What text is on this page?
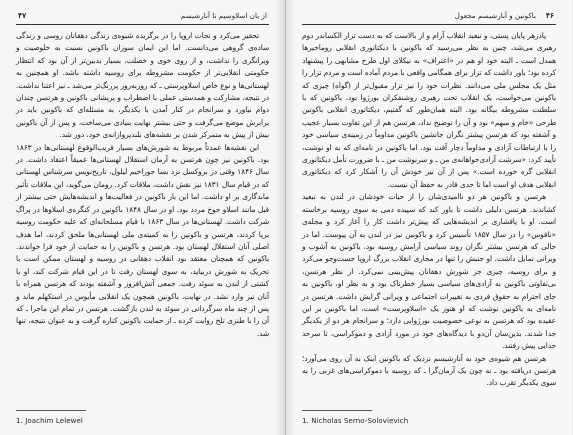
۴۷	از یان اسلاوسیم تا آنارشیسم

تحقیر می‌کرد و نجات اروپا را در برگزیده شیوه‌ی زندگی دهقانان روسی و زندگی ساده‌ی گروهی می‌دانست. اما این ایمان سوزان باکونین نسبت به خلوصیت و ویرانگری را نداشت، و از روی خوی و خصلت، بسیار بدبین‌تر از آن بود که انتظار حکومتی انقلابی‌تر از حکومت مشروطه برای روسیه داشته باشد. او همچنین به لهستانی‌ها و نوع خاص اسلاوپرستی ـ که روزبه‌روز پررنگ‌تر می‌شد ـ نیز اعتنا نداشت. در نتیجه، مشارکت و همدستی عملی با اضطراب و پریشانی باکونین و هرتسن چندان دوام نیاورد و سرانجام در کنار آمدن با یکدیگر، به مسئله‌ای که باکونین باید در برابرش موضع می‌گرفت و حتی بیشتر نهایت بنیادی می‌ساخت، و پس از آن باکونین بیش از پیش به متمرکز شدن بر نقشه‌های بلندپروازانه‌ی خود، دور شد.

این نقشه‌ها عمدتاً مربوط به شورش‌های بسیار قریب‌الوقوع لهستانی‌ها در ۱۸۶۳ بود. باکونین نیز چون هرتسن به آرمان استقلال لهستانی‌ها عمیقاً اعتقاد داشت. در سال ۱۸۴۶ وقتی در بروکسل نزد بسا جوراخیم لیلول، تاریخ‌نویس سرشناس لهستانی که در قیام سال ۱۸۳۱ نیز نقش داشت، ملاقات کرد. رومان می‌گوید، این ملاقات تأثیر ماندگاری بر او داشت. اما این بار باکونین در فعالیت‌ها و اندیشه‌هایش حتی بیشتر از قبل مانند اسلاو جوخ مردد بود. او در سال ۱۸۴۸ باکونین در کنگره‌ی اسلاوها در پراگ شرکت داشت. لهستانی‌ها در سال ۱۸۶۳ با قیام مسلحانه‌ای که علیه حکومت روسیه برپا کردند، هرتسن و باکونین را به کمیته‌ی ملی لهستانی‌ها ملحق کردند، اما هدف اصلی آنان استقلال لهستان بود. هرتسن و باکونین را به حمایت از خود فرا خواندند. باکونین که همچنان معتقد بود انقلاب دهقانی در روسیه و لهستان ممکن است با تحریک به شورش دربیاید، به سوی لهستان رفت تا در این قیام شرکت کند، او با کشتی از لندن به سوئد رفت. جمعی آتش‌افروز و آشفته بودند که هرتسن همراه با آنان نیز وارد نشد. در نهایت، باکونین همچون یک انقلابی مأیوس در استکهلم ماند و پس از چند ماه سرگردانی در سوئد به لندن بازگشت. هرتسن در تمام این ماجرا ـ که آن را با طنزی تلخ روایت کرده ـ از حمایت باکونین کناره گرفت و به عنوان نتیجه، تنها شد.

1. Joachim Lelewel
۴۶
باکونین و آنارشیسم مجعول

پادزهر پایان پستی، و تبعید انقلاب آرام و از بالاست که به دست تزار الکساندر دوم رهبری می‌شد، چنین به نظر می‌رسید که باکونین با دیکتاتوری انقلابی روماخیرها همدل است ـ البته خود او هم در «اعتراف» به نیکلای اول طرح مشابهی را پیشنهاد کرده بود؛ باور داشت که تزار برای همگامی واقعی با مردم آماده است و مردم تزار را مثل یک مجلس ملی می‌دانند. نظرات خود را نیز تزار مقبول‌تر از (گواه) چیزی که باکونین می‌خواست، یک انقلاب تحت رهبری روشنفکران بورژوا بود، باکونین که با سلطنت مشروطه بیگانه بود. البته همان‌طور که گفتیم، دیکتاتوری انقلابی باکونین طرحی «خام و مبهم» بود و آن را توضیح نداد، هرتسن هم از این تفاوت بسیار عجیب و آشفته بود که هرتسن پیشتر نگران جانشین باکونین مداوماً در زمینه‌ی سیاسی خود را با ارتباطات آزادی و مداوماً دچار آفت بود. اما باکونین در نامه‌ای که به او نوشت، تأیید کرد: «سرشت آزادی‌خواهانه‌ی من ـ و سرنوشت من ـ با ضرورت تأمل دیکتاتوری انقلابی گره خورده است.» پس از آن نیز خودش آن را آشکار کرد که دیکتاتوری انقلابی هدف او است اما تا حدی قادر به حفظ آن نیست.

هرتسن و باکونین هر دو ناامیدی‌شان را از حیات خودشان در لندن به تبعید کشاندند. هرتسن دلیلی داشت تا باور کند که سپیده دمی به سوی روسیه برخاسته است. او با پافشاری بر اندیشه‌هایی که پیش‌تر داشت کار را آغاز کرد و مجله‌ی «ناقوس» را در سال ۱۸۵۷ تأسیس کرد و باکونین نیز در لندن به آن پیوست. اما در حالی که هرتسن بیشتر نگران روند سیاسی آرامش روسیه بود، باکونین به آشوب و ویرانی تمایل داشت. او جنبش را تنها در مجاری انقلاب بزرگ اروپا جست‌وجو می‌کرد و برای روسیه، چیزی جز شورش دهقانان پیش‌بینی نمی‌کرد. از نظر هرتسن، بی‌تفاوتی باکونین به آزادی‌های سیاسی بسیار خطرناک بود و به نظر او، باکونین به جای احترام به حقوق فردی به تغییرات اجتماعی و ویرانی گرایش داشت. هرتسن در نامه‌ای به باکونین نوشت که او هنوز یک «اسلاوپرست» است، اما باکونین بر این عقیده بود که هرتسن به نوعی خصوصیت بورژوایی دارد؛ و سرانجام هر دو از یکدیگر جدا شدند. بدین‌سان آن‌دو با دیدگاه‌های خود در مورد آزادی و دموکراسی، تا سرحد جدایی پیش رفتند.

هرتسن هم شیوه‌ی خود به آنارشیسم نزدیک که باکونین اینک به آن روی می‌آورد؛ هرتسن دریافته بود ـ نه چون یک آرمان‌گرا ـ که روسیه با دموکراسی‌های غربی را به سوی یکدیگر تقرب داد.

1. Nicholas Serno-Solovievich
